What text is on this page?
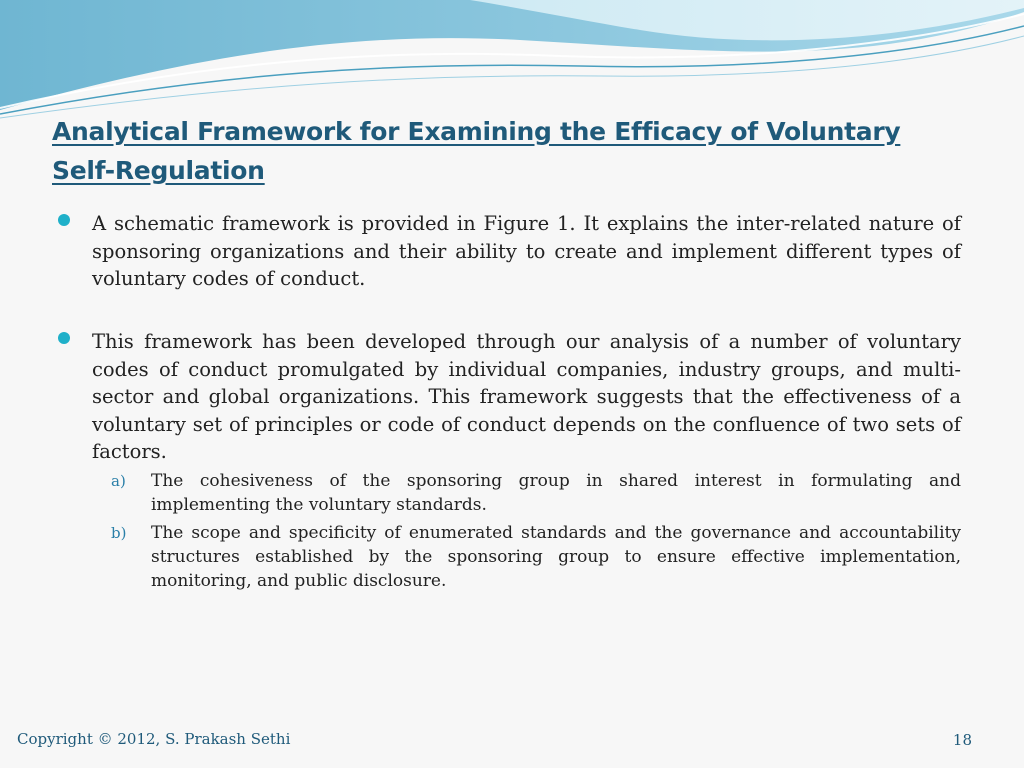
Analytical Framework for Examining the Efficacy of Voluntary Self-Regulation
A schematic framework is provided in Figure 1. It explains the inter-related nature of sponsoring organizations and their ability to create and implement different types of voluntary codes of conduct.
This framework has been developed through our analysis of a number of voluntary codes of conduct promulgated by individual companies, industry groups, and multi-sector and global organizations. This framework suggests that the effectiveness of a voluntary set of principles or code of conduct depends on the confluence of two sets of factors.
a) The cohesiveness of the sponsoring group in shared interest in formulating and implementing the voluntary standards.
b) The scope and specificity of enumerated standards and the governance and accountability structures established by the sponsoring group to ensure effective implementation, monitoring, and public disclosure.
Copyright © 2012, S. Prakash Sethi	18
